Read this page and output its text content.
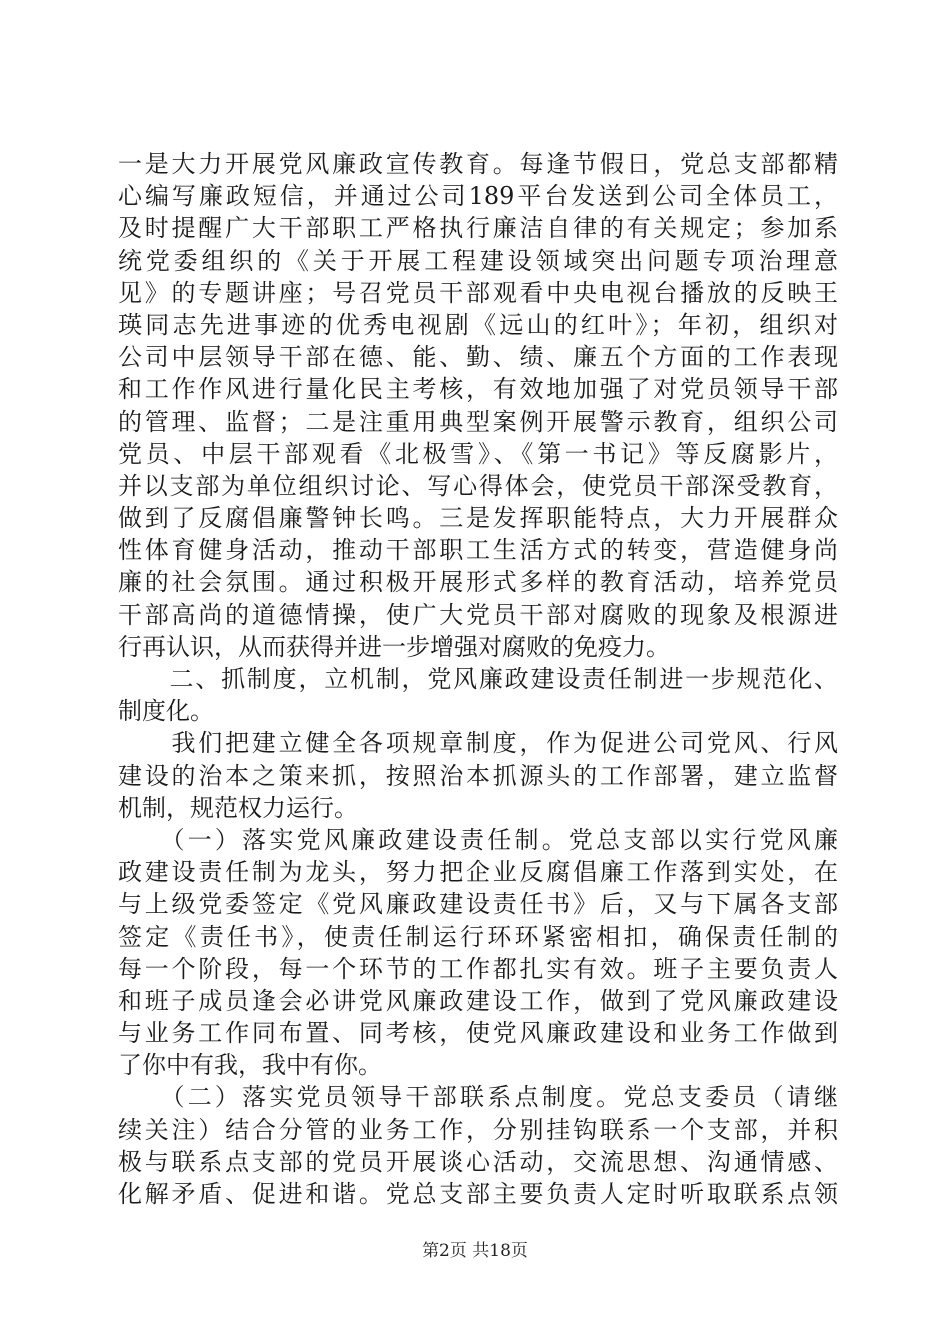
一是大力开展党风廉政宣传教育。每逢节假日，党总支部都精
心编写廉政短信，并通过公司189平台发送到公司全体员工，
及时提醒广大干部职工严格执行廉洁自律的有关规定；参加系
统党委组织的《关于开展工程建设领域突出问题专项治理意
见》的专题讲座；号召党员干部观看中央电视台播放的反映王
瑛同志先进事迹的优秀电视剧《远山的红叶》；年初，组织对
公司中层领导干部在德、能、勤、绩、廉五个方面的工作表现
和工作作风进行量化民主考核，有效地加强了对党员领导干部
的管理、监督；二是注重用典型案例开展警示教育，组织公司
党员、中层干部观看《北极雪》、《第一书记》等反腐影片，
并以支部为单位组织讨论、写心得体会，使党员干部深受教育，
做到了反腐倡廉警钟长鸣。三是发挥职能特点，大力开展群众
性体育健身活动，推动干部职工生活方式的转变，营造健身尚
廉的社会氛围。通过积极开展形式多样的教育活动，培养党员
干部高尚的道德情操，使广大党员干部对腐败的现象及根源进
行再认识，从而获得并进一步增强对腐败的免疫力。
　　二、抓制度，立机制，党风廉政建设责任制进一步规范化、
制度化。
　　我们把建立健全各项规章制度，作为促进公司党风、行风
建设的治本之策来抓，按照治本抓源头的工作部署，建立监督
机制，规范权力运行。
　　（一）落实党风廉政建设责任制。党总支部以实行党风廉
政建设责任制为龙头，努力把企业反腐倡廉工作落到实处，在
与上级党委签定《党风廉政建设责任书》后，又与下属各支部
签定《责任书》，使责任制运行环环紧密相扣，确保责任制的
每一个阶段，每一个环节的工作都扎实有效。班子主要负责人
和班子成员逢会必讲党风廉政建设工作，做到了党风廉政建设
与业务工作同布置、同考核，使党风廉政建设和业务工作做到
了你中有我，我中有你。
　　（二）落实党员领导干部联系点制度。党总支委员（请继
续关注）结合分管的业务工作，分别挂钩联系一个支部，并积
极与联系点支部的党员开展谈心活动，交流思想、沟通情感、
化解矛盾、促进和谐。党总支部主要负责人定时听取联系点领
第2页 共18页
